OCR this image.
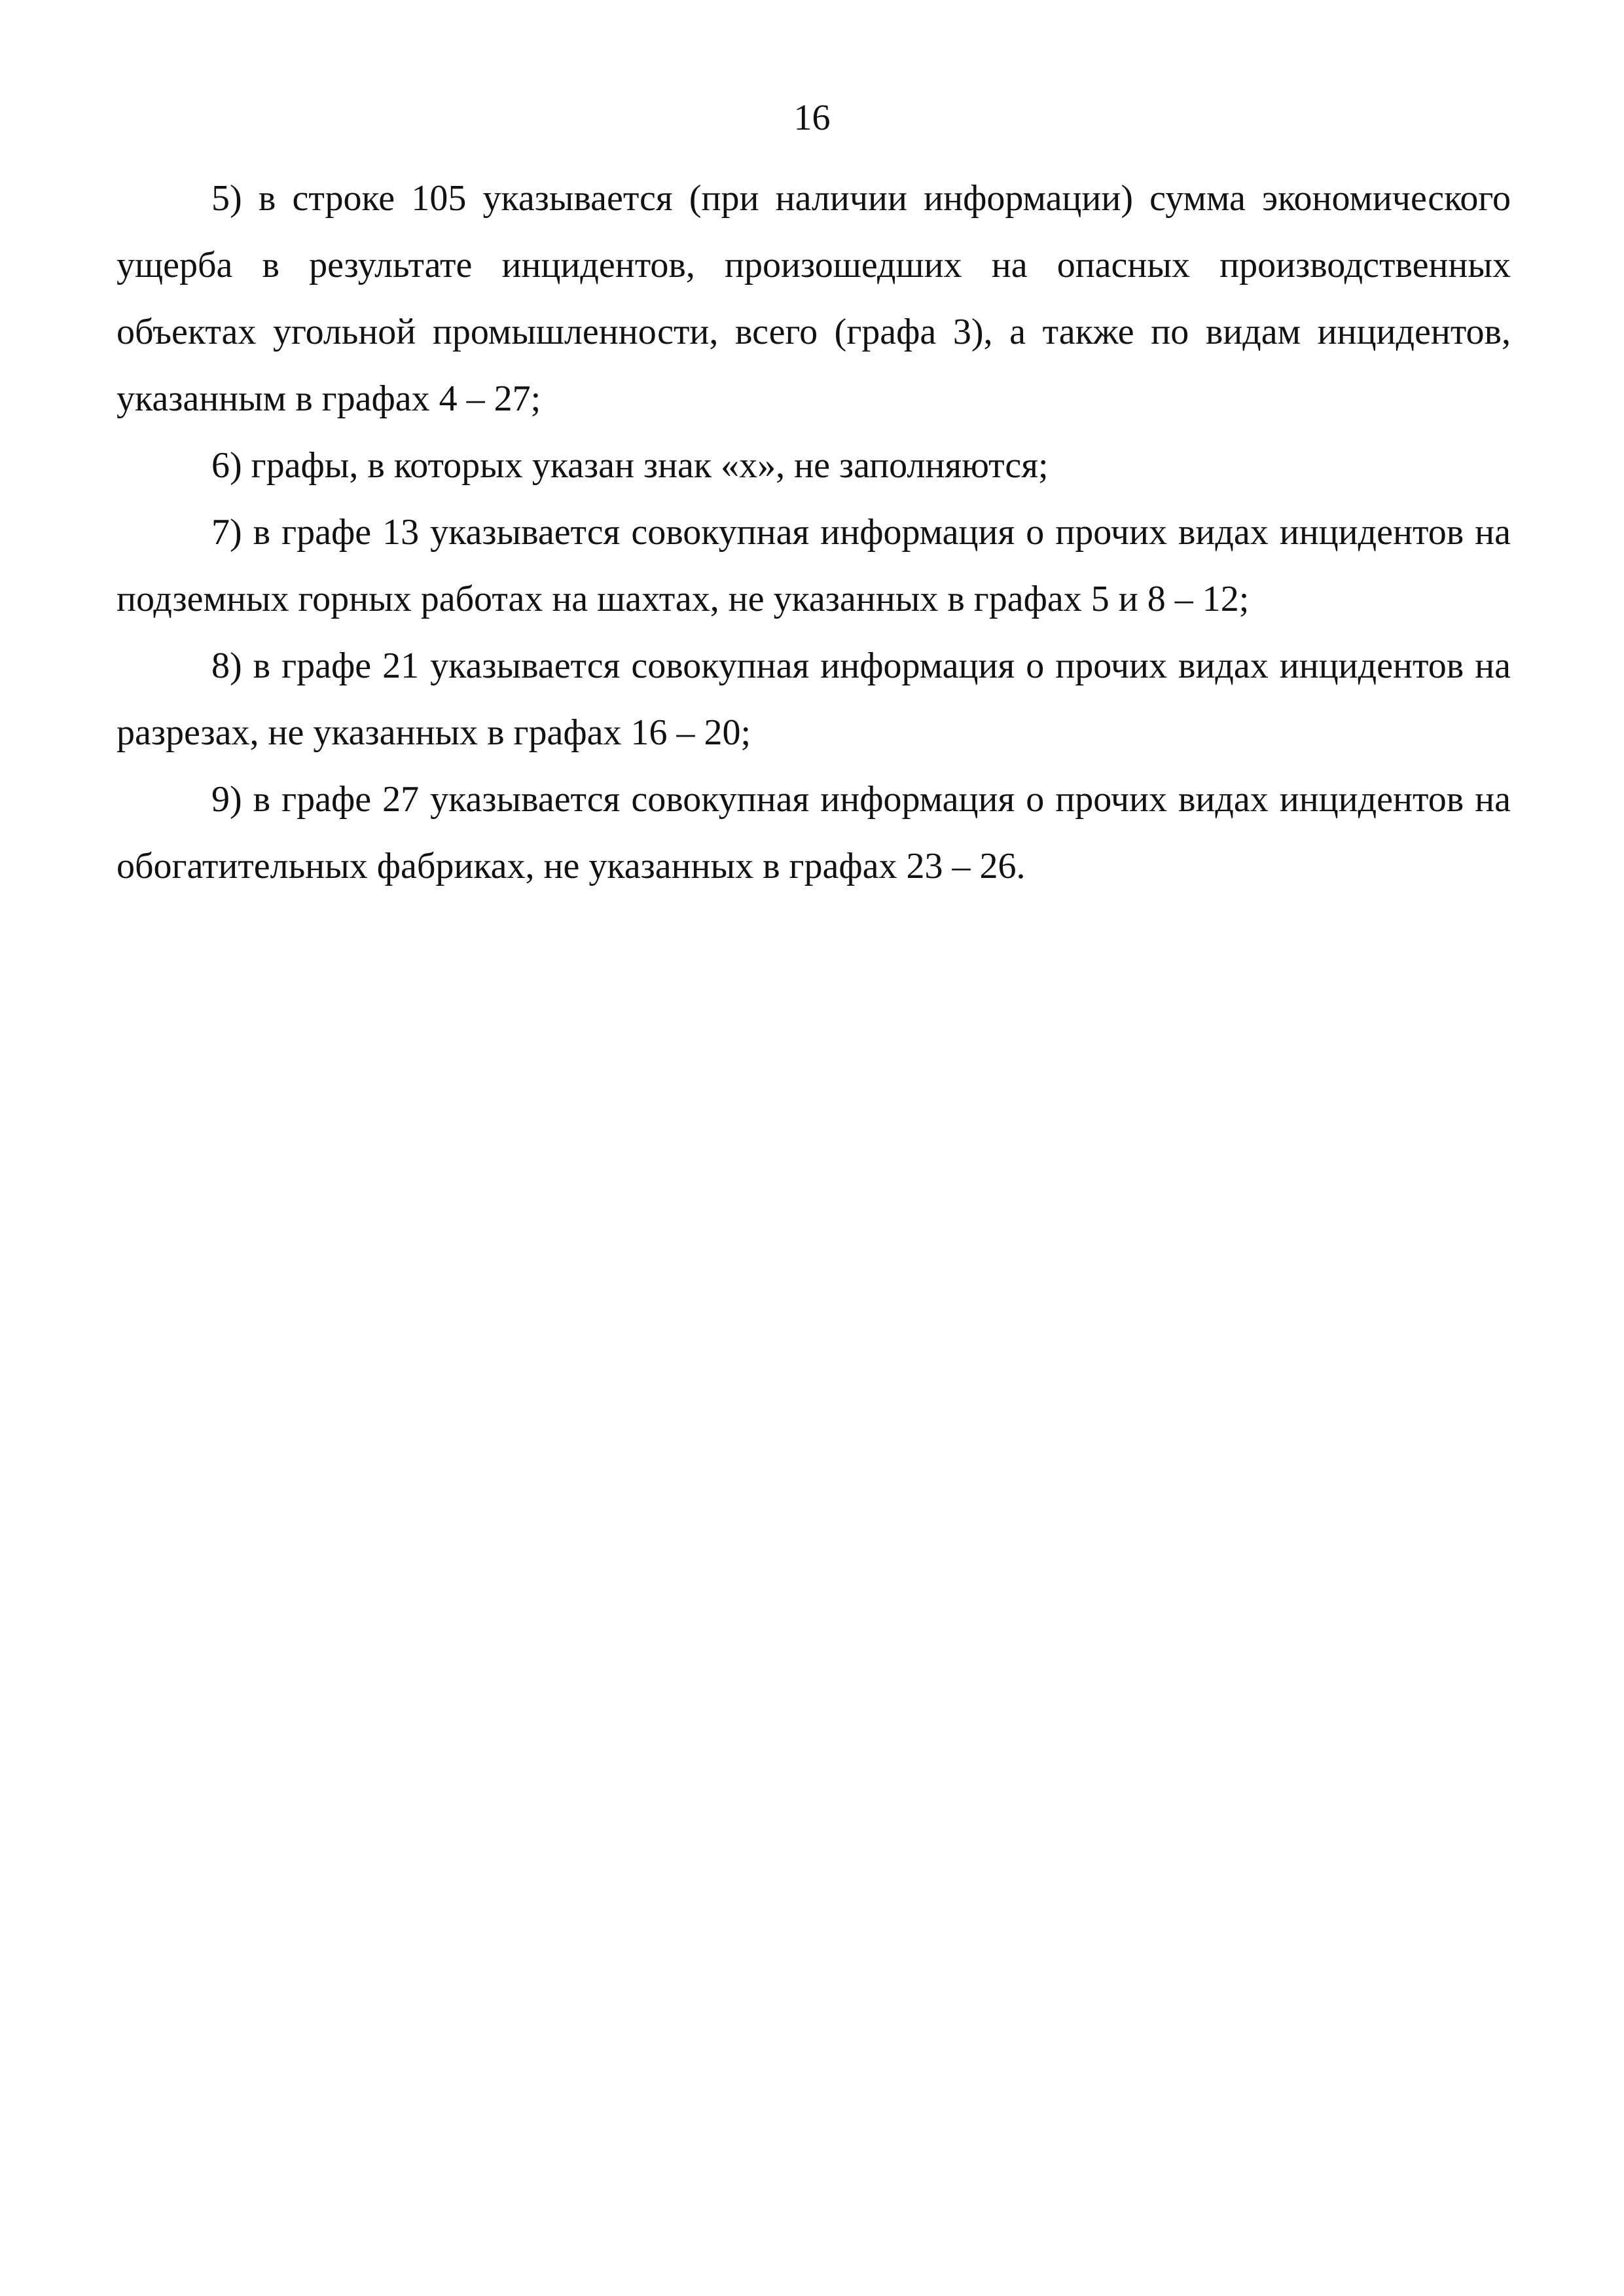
16

5) в строке 105 указывается (при наличии информации) сумма экономического ущерба в результате инцидентов, произошедших на опасных производственных объектах угольной промышленности, всего (графа 3), а также по видам инцидентов, указанным в графах 4 – 27;

6) графы, в которых указан знак «х», не заполняются;

7) в графе 13 указывается совокупная информация о прочих видах инцидентов на подземных горных работах на шахтах, не указанных в графах 5 и 8 – 12;

8) в графе 21 указывается совокупная информация о прочих видах инцидентов на разрезах, не указанных в графах 16 – 20;

9) в графе 27 указывается совокупная информация о прочих видах инцидентов на обогатительных фабриках, не указанных в графах 23 – 26.
